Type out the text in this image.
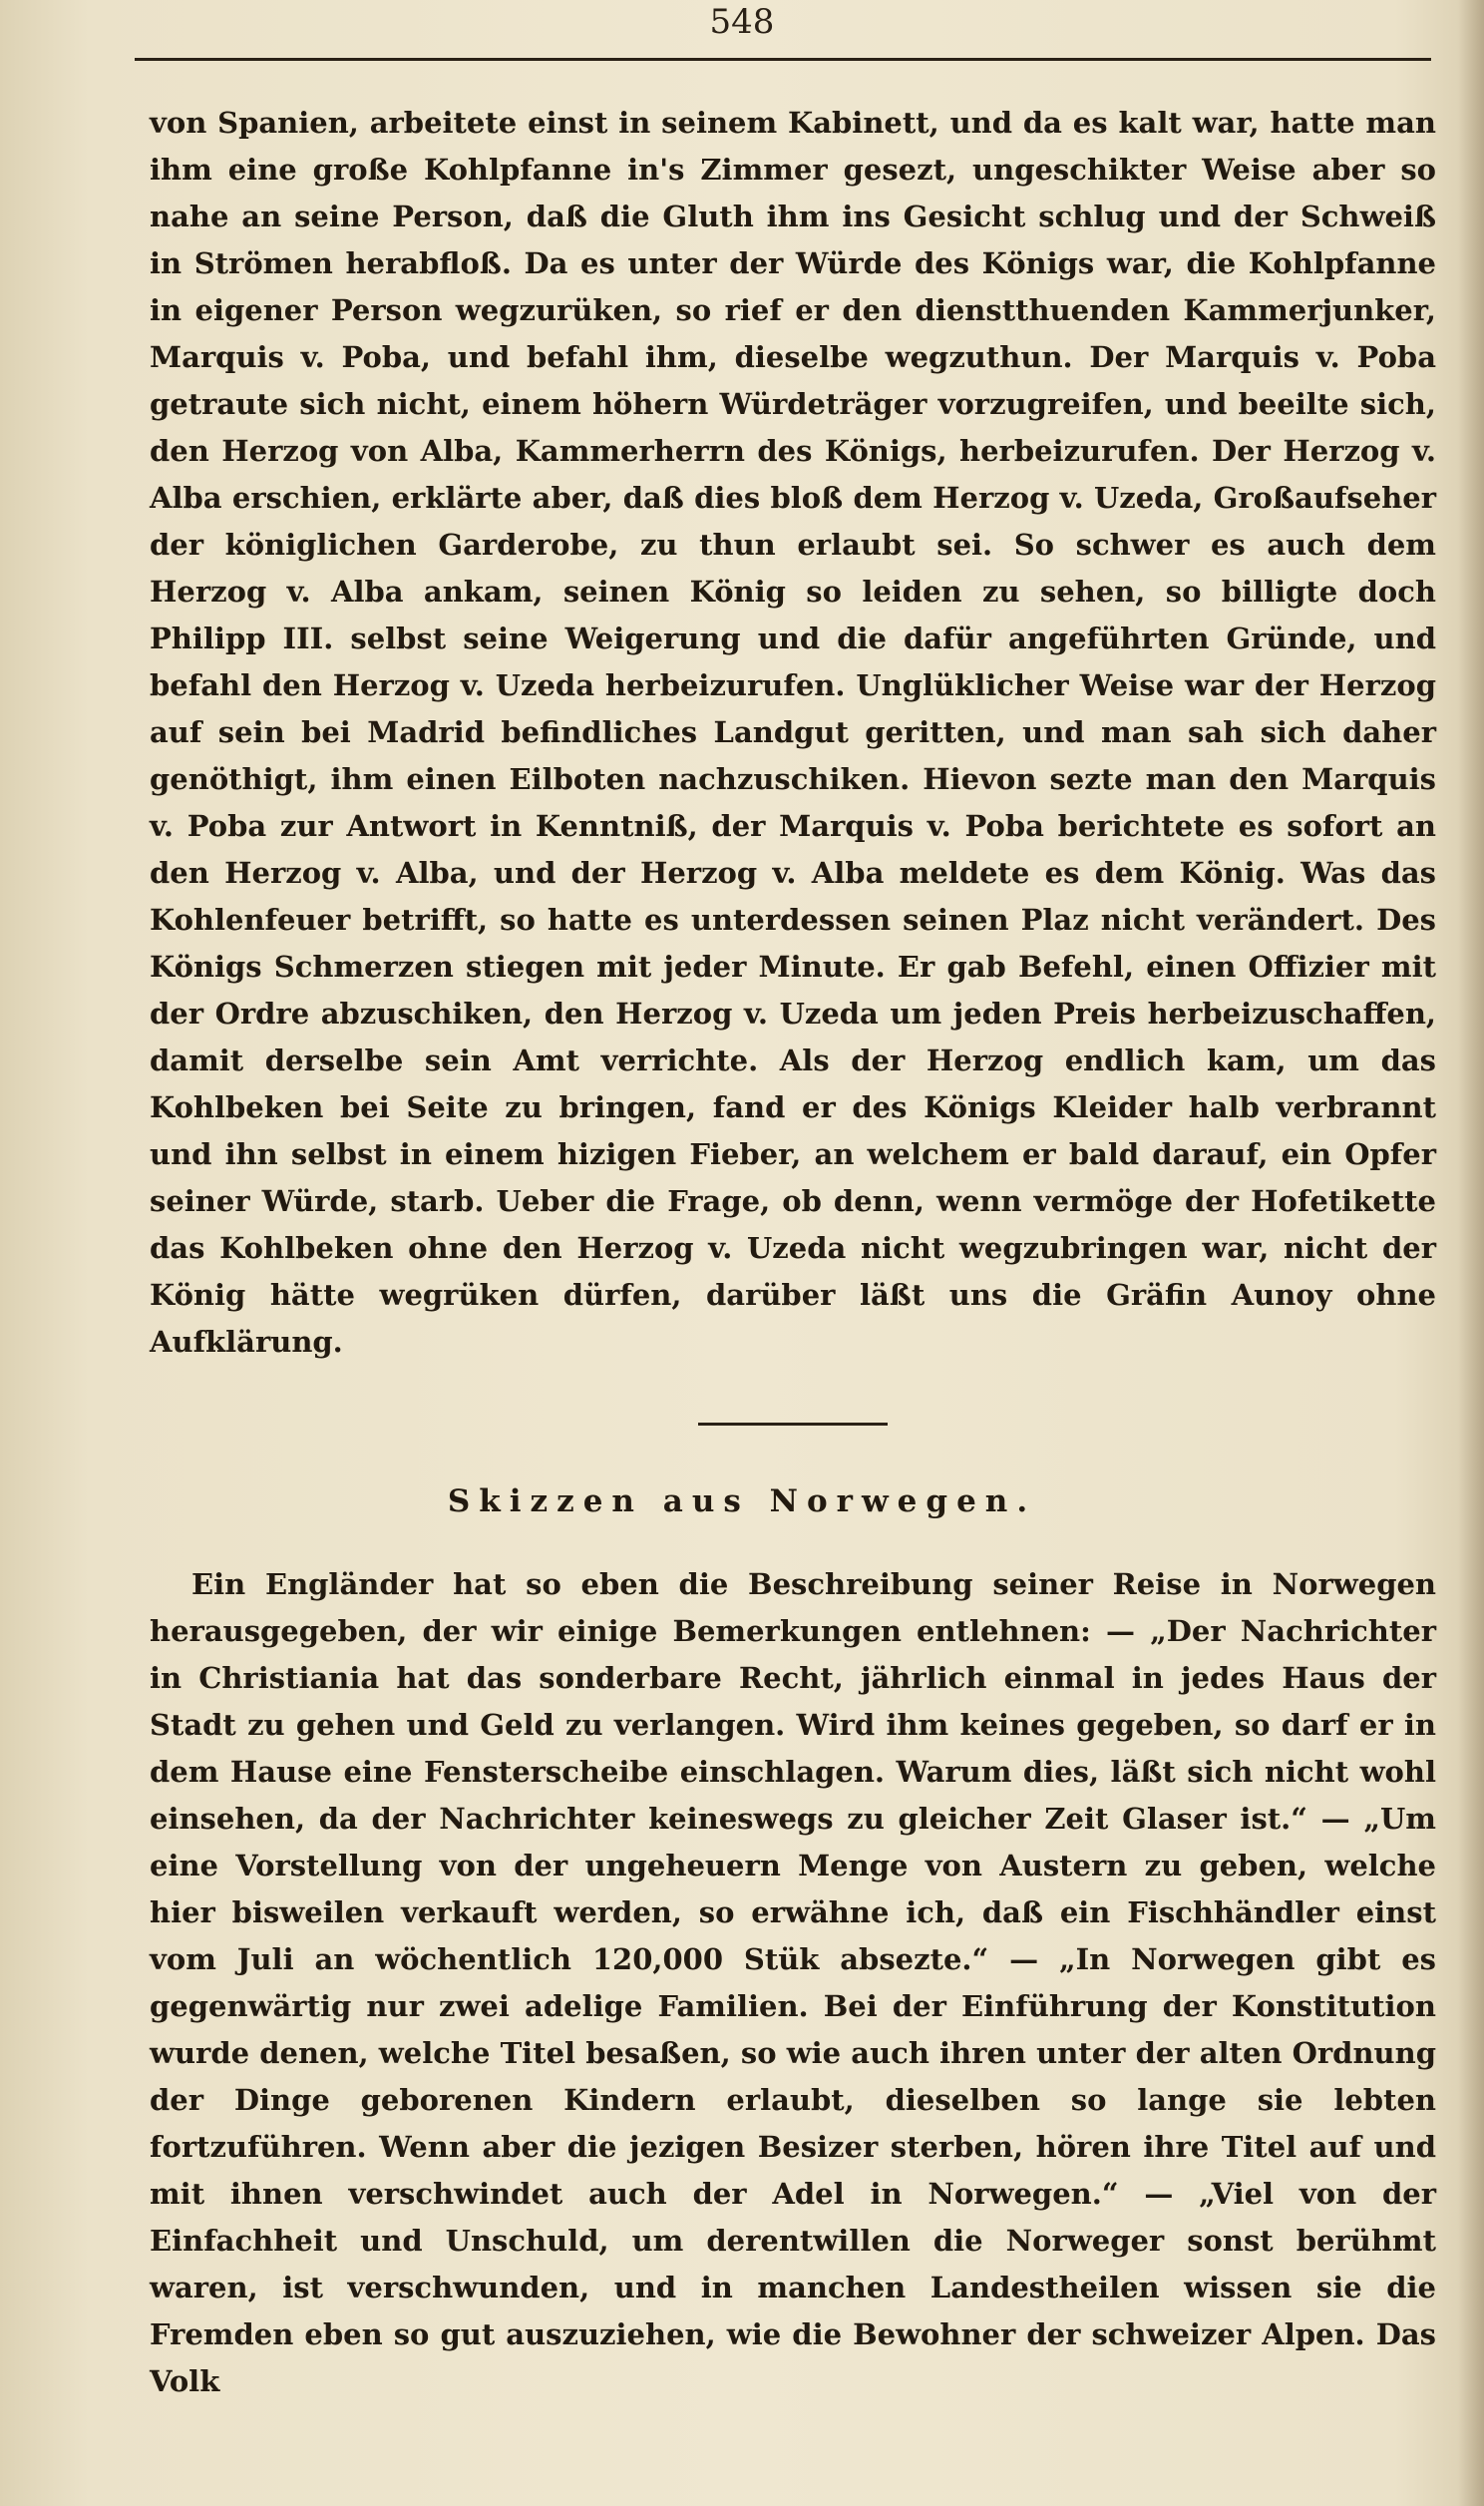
548

von Spanien, arbeitete einst in seinem Kabinett, und da es kalt war, hatte man ihm eine große Kohlpfanne in's Zimmer gesezt, ungeschikter Weise aber so nahe an seine Person, daß die Gluth ihm ins Gesicht schlug und der Schweiß in Strömen herabfloß. Da es unter der Würde des Königs war, die Kohlpfanne in eigener Person wegzurüken, so rief er den dienstthuenden Kammerjunker, Marquis v. Poba, und befahl ihm, dieselbe wegzuthun. Der Marquis v. Poba getraute sich nicht, einem höhern Würdeträger vorzugreifen, und beeilte sich, den Herzog von Alba, Kammerherrn des Königs, herbeizurufen. Der Herzog v. Alba erschien, erklärte aber, daß dies bloß dem Herzog v. Uzeda, Großaufseher der königlichen Garderobe, zu thun erlaubt sei. So schwer es auch dem Herzog v. Alba ankam, seinen König so leiden zu sehen, so billigte doch Philipp III. selbst seine Weigerung und die dafür angeführten Gründe, und befahl den Herzog v. Uzeda herbeizurufen. Unglüklicher Weise war der Herzog auf sein bei Madrid befindliches Landgut geritten, und man sah sich daher genöthigt, ihm einen Eilboten nachzuschiken. Hievon sezte man den Marquis v. Poba zur Antwort in Kenntniß, der Marquis v. Poba berichtete es sofort an den Herzog v. Alba, und der Herzog v. Alba meldete es dem König. Was das Kohlenfeuer betrifft, so hatte es unterdessen seinen Plaz nicht verändert. Des Königs Schmerzen stiegen mit jeder Minute. Er gab Befehl, einen Offizier mit der Ordre abzuschiken, den Herzog v. Uzeda um jeden Preis herbeizuschaffen, damit derselbe sein Amt verrichte. Als der Herzog endlich kam, um das Kohlbeken bei Seite zu bringen, fand er des Königs Kleider halb verbrannt und ihn selbst in einem hizigen Fieber, an welchem er bald darauf, ein Opfer seiner Würde, starb. Ueber die Frage, ob denn, wenn vermöge der Hofetikette das Kohlbeken ohne den Herzog v. Uzeda nicht wegzubringen war, nicht der König hätte wegrüken dürfen, darüber läßt uns die Gräfin Aunoy ohne Aufklärung.

Skizzen aus Norwegen.

Ein Engländer hat so eben die Beschreibung seiner Reise in Norwegen herausgegeben, der wir einige Bemerkungen entlehnen: — „Der Nachrichter in Christiania hat das sonderbare Recht, jährlich einmal in jedes Haus der Stadt zu gehen und Geld zu verlangen. Wird ihm keines gegeben, so darf er in dem Hause eine Fensterscheibe einschlagen. Warum dies, läßt sich nicht wohl einsehen, da der Nachrichter keineswegs zu gleicher Zeit Glaser ist.“ — „Um eine Vorstellung von der ungeheuern Menge von Austern zu geben, welche hier bisweilen verkauft werden, so erwähne ich, daß ein Fischhändler einst vom Juli an wöchentlich 120,000 Stük absezte.“ — „In Norwegen gibt es gegenwärtig nur zwei adelige Familien. Bei der Einführung der Konstitution wurde denen, welche Titel besaßen, so wie auch ihren unter der alten Ordnung der Dinge geborenen Kindern erlaubt, dieselben so lange sie lebten fortzuführen. Wenn aber die jezigen Besizer sterben, hören ihre Titel auf und mit ihnen verschwindet auch der Adel in Norwegen.“ — „Viel von der Einfachheit und Unschuld, um derentwillen die Norweger sonst berühmt waren, ist verschwunden, und in manchen Landestheilen wissen sie die Fremden eben so gut auszuziehen, wie die Bewohner der schweizer Alpen. Das Volk
